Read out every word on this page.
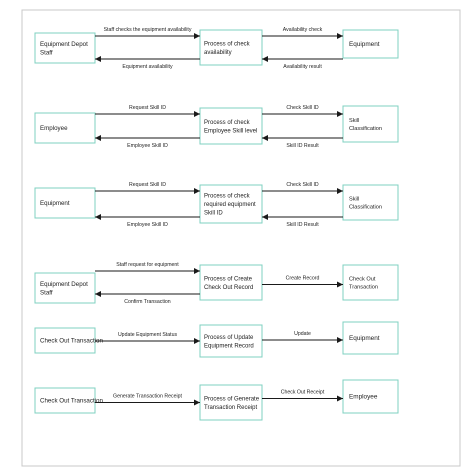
Equipment Depot
Staff
Process of check
availability
Equipment
Staff checks the equipment availability
Equipment availability
Availability check
Availability result
Employee
Process of check
Employee Skill level
Skill
Classification
Request Skill ID
Employee Skill ID
Check Skill ID
Skill ID Result
Equipment
Process of check
required equipment
Skill ID
Skill
Classification
Request Skill ID
Employee Skill ID
Check Skill ID
Skill ID Result
Equipment Depot
Staff
Process of Create
Check Out Record
Check Out
Transaction
Staff request for equipment
Confirm Transaction
Create Record
Check Out Transaction	Process of Update
Equipment Record
Equipment
Update Equipment Status	Update
Check Out Transaction	Process of Generate
Transaction Receipt
Employee
Generate Transaction Receipt
Check Out Receipt
